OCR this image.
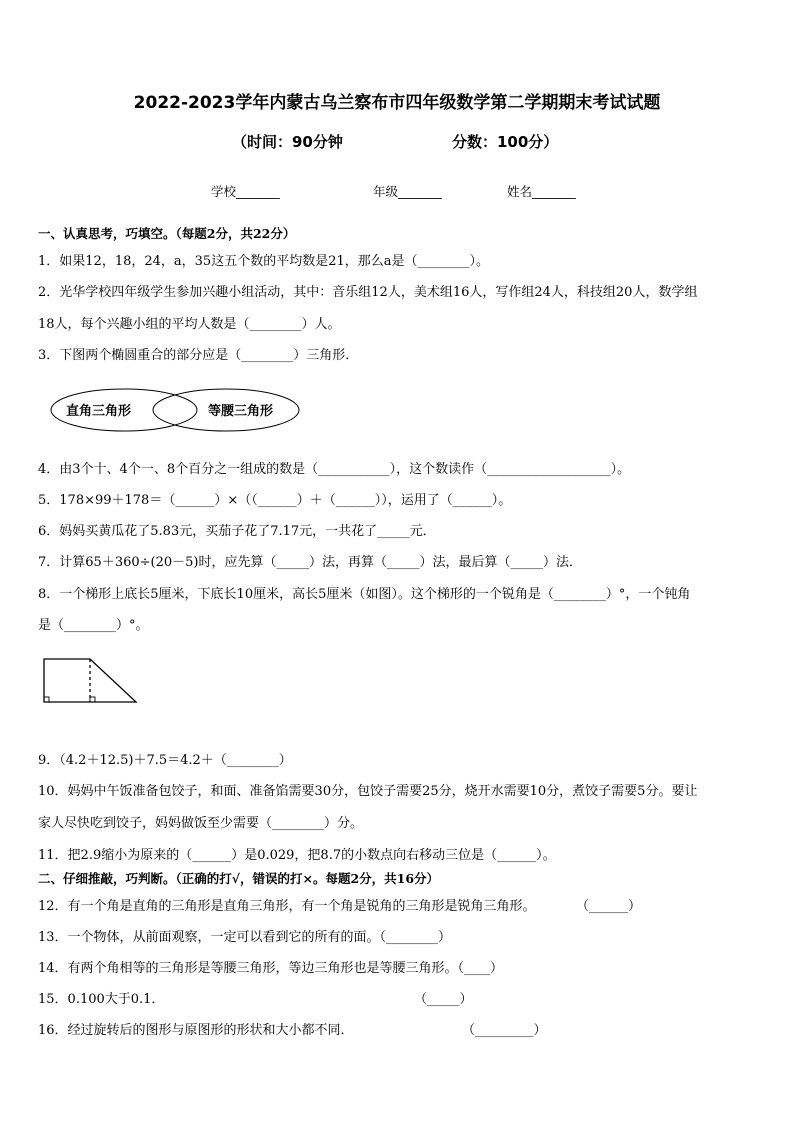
2022-2023学年内蒙古乌兰察布市四年级数学第二学期期末考试试题
（时间：90分钟	分数：100分）
学校_______	年级_______	姓名_______
一、认真思考，巧填空。（每题2分，共22分）
1．如果12，18，24，a，35这五个数的平均数是21，那么a是（________）。
2．光华学校四年级学生参加兴趣小组活动，其中：音乐组12人，美术组16人，写作组24人，科技组20人，数学组
18人，每个兴趣小组的平均人数是（________）人。
3．下图两个椭圆重合的部分应是（________）三角形．
直角三角形	等腰三角形
4．由3个十、4个一、8个百分之一组成的数是（___________），这个数读作（___________________）。
5．178×99＋178＝（______）×（（______）＋（______）），运用了（______）。
6．妈妈买黄瓜花了5.83元，买茄子花了7.17元，一共花了_____元．
7．计算65＋360÷(20－5)时，应先算（_____）法，再算（_____）法，最后算（_____）法．
8．一个梯形上底长5厘米，下底长10厘米，高长5厘米（如图）。这个梯形的一个锐角是（________）°，一个钝角
是（________）°。
9．（4.2＋12.5)＋7.5＝4.2＋（________）
10．妈妈中午饭准备包饺子，和面、准备馅需要30分，包饺子需要25分，烧开水需要10分，煮饺子需要5分。要让
家人尽快吃到饺子，妈妈做饭至少需要（________）分。
11．把2.9缩小为原来的（______）是0.029，把8.7的小数点向右移动三位是（______）。
二、仔细推敲，巧判断。（正确的打√，错误的打×。每题2分，共16分）
12．有一个角是直角的三角形是直角三角形，有一个角是锐角的三角形是锐角三角形。	（______）
13．一个物体，从前面观察，一定可以看到它的所有的面。（________）
14．有两个角相等的三角形是等腰三角形，等边三角形也是等腰三角形。（____）
15．0.100大于0.1．	（_____）
16．经过旋转后的图形与原图形的形状和大小都不同．	（_________）
